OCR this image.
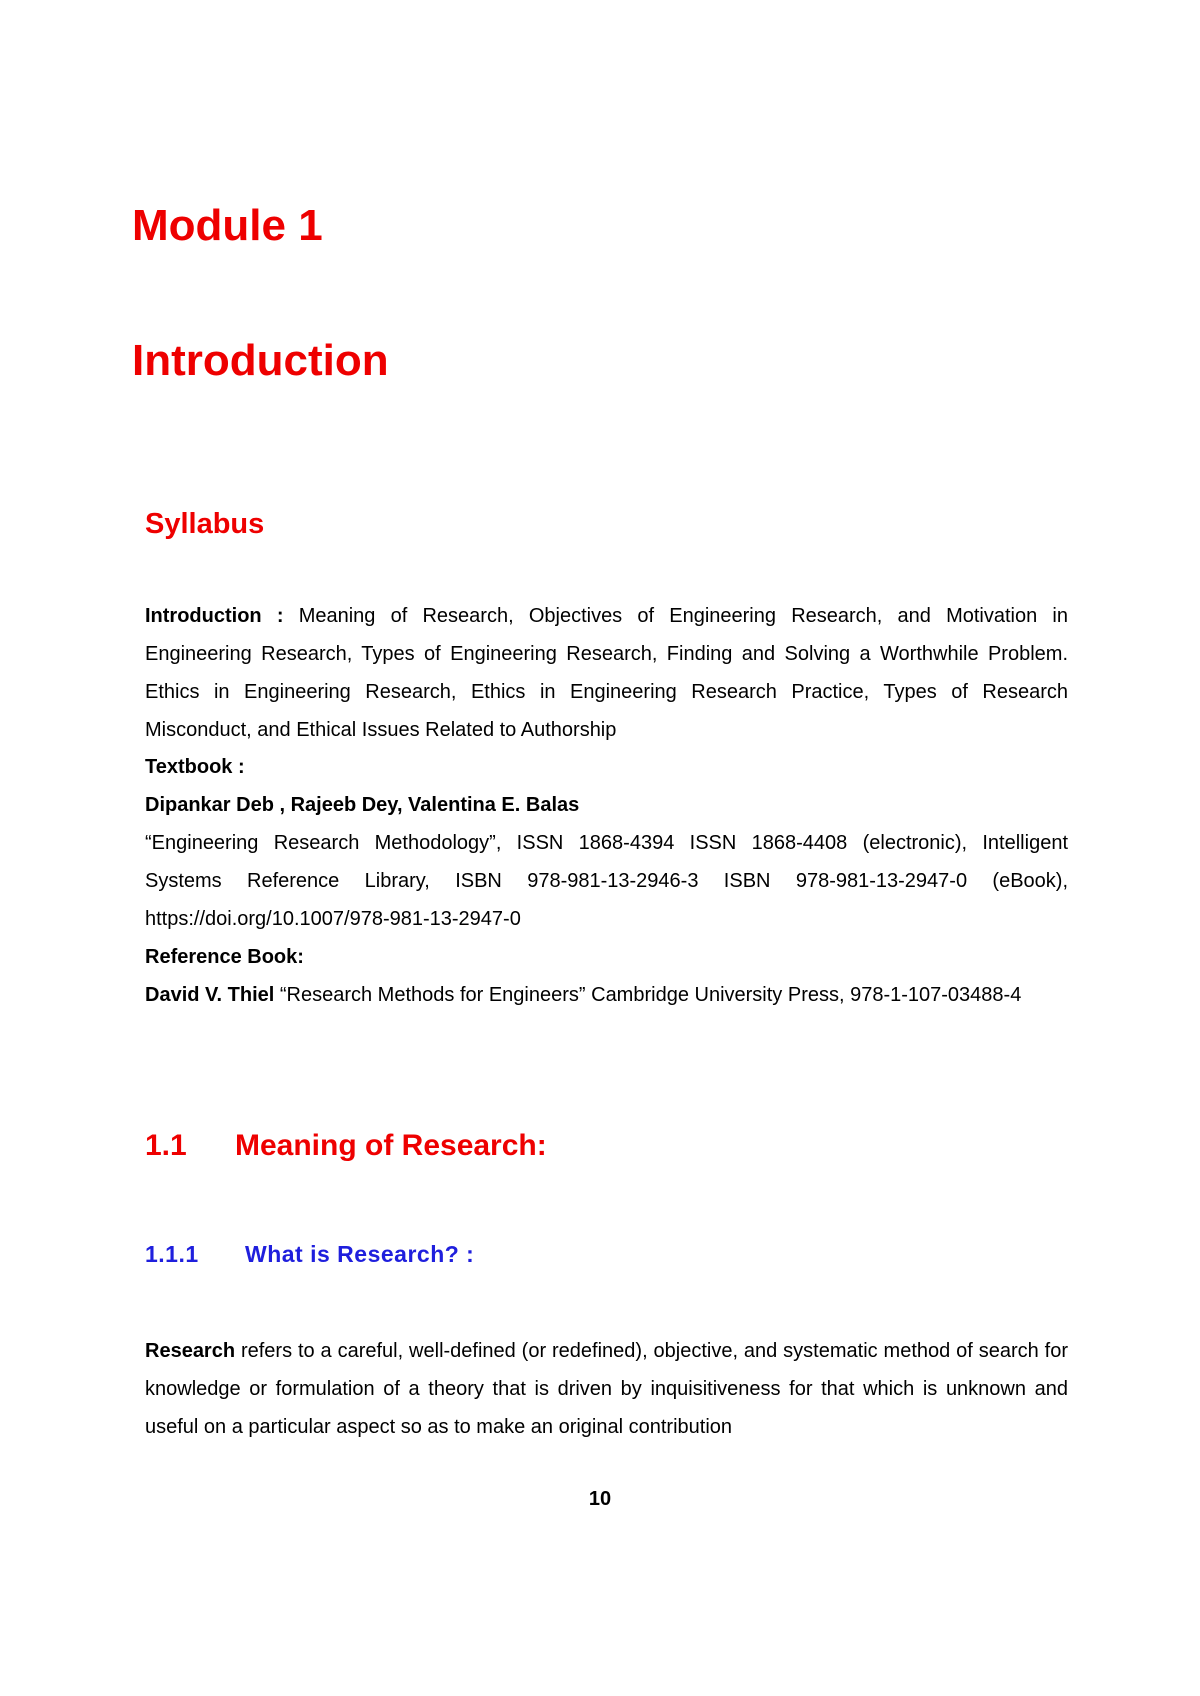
Module 1
Introduction
Syllabus

Introduction : Meaning of Research, Objectives of Engineering Research, and Motivation in Engineering Research, Types of Engineering Research, Finding and Solving a Worthwhile Problem. Ethics in Engineering Research, Ethics in Engineering Research Practice, Types of Research Misconduct, and Ethical Issues Related to Authorship

Textbook :
Dipankar Deb , Rajeeb Dey, Valentina E. Balas
“Engineering Research Methodology”, ISSN 1868-4394 ISSN 1868-4408 (electronic), Intelligent Systems Reference Library, ISBN 978-981-13-2946-3 ISBN 978-981-13-2947-0 (eBook), https://doi.org/10.1007/978-981-13-2947-0
Reference Book:
David V. Thiel “Research Methods for Engineers” Cambridge University Press, 978-1-107-03488-4
1.1 Meaning of Research:
1.1.1 What is Research? :

Research refers to a careful, well-defined (or redefined), objective, and systematic method of search for knowledge or formulation of a theory that is driven by inquisitiveness for that which is unknown and useful on a particular aspect so as to make an original contribution

10
